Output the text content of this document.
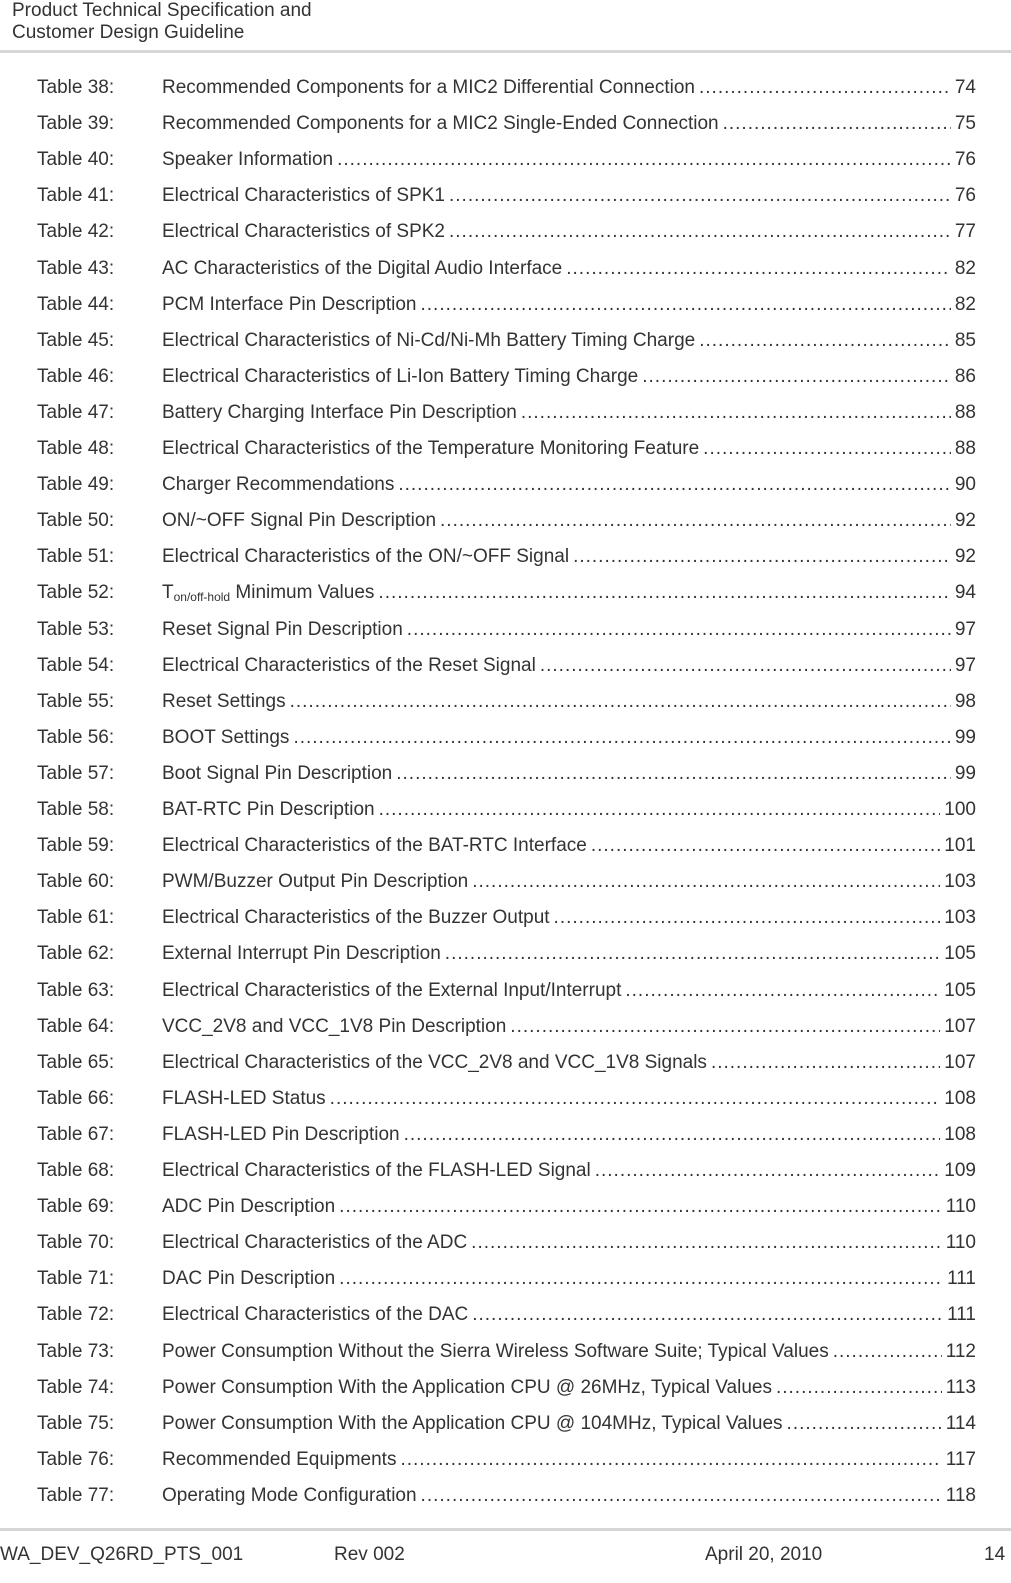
Product Technical Specification and
Customer Design Guideline
Table 38:	Recommended Components for a MIC2 Differential Connection .....	74
Table 39:	Recommended Components for a MIC2 Single-Ended Connection .....	75
Table 40:	Speaker Information .....	76
Table 41:	Electrical Characteristics of SPK1 .....	76
Table 42:	Electrical Characteristics of SPK2 .....	77
Table 43:	AC Characteristics of the Digital Audio Interface .....	82
Table 44:	PCM Interface Pin Description .....	82
Table 45:	Electrical Characteristics of Ni-Cd/Ni-Mh Battery Timing Charge .....	85
Table 46:	Electrical Characteristics of Li-Ion Battery Timing Charge .....	86
Table 47:	Battery Charging Interface Pin Description .....	88
Table 48:	Electrical Characteristics of the Temperature Monitoring Feature .....	88
Table 49:	Charger Recommendations .....	90
Table 50:	ON/~OFF Signal Pin Description .....	92
Table 51:	Electrical Characteristics of the ON/~OFF Signal .....	92
Table 52:	$T_{on/off-hold}$ Minimum Values .....	94
Table 53:	Reset Signal Pin Description .....	97
Table 54:	Electrical Characteristics of the Reset Signal .....	97
Table 55:	Reset Settings .....	98
Table 56:	BOOT Settings .....	99
Table 57:	Boot Signal Pin Description .....	99
Table 58:	BAT-RTC Pin Description .....	100
Table 59:	Electrical Characteristics of the BAT-RTC Interface .....	101
Table 60:	PWM/Buzzer Output Pin Description .....	103
Table 61:	Electrical Characteristics of the Buzzer Output .....	103
Table 62:	External Interrupt Pin Description .....	105
Table 63:	Electrical Characteristics of the External Input/Interrupt .....	105
Table 64:	VCC_2V8 and VCC_1V8 Pin Description .....	107
Table 65:	Electrical Characteristics of the VCC_2V8 and VCC_1V8 Signals .....	107
Table 66:	FLASH-LED Status .....	108
Table 67:	FLASH-LED Pin Description .....	108
Table 68:	Electrical Characteristics of the FLASH-LED Signal .....	109
Table 69:	ADC Pin Description .....	110
Table 70:	Electrical Characteristics of the ADC .....	110
Table 71:	DAC Pin Description .....	111
Table 72:	Electrical Characteristics of the DAC .....	111
Table 73:	Power Consumption Without the Sierra Wireless Software Suite; Typical Values .....	112
Table 74:	Power Consumption With the Application CPU @ 26MHz, Typical Values .....	113
Table 75:	Power Consumption With the Application CPU @ 104MHz, Typical Values .....	114
Table 76:	Recommended Equipments .....	117
Table 77:	Operating Mode Configuration .....	118
WA_DEV_Q26RD_PTS_001	Rev 002	April 20, 2010	14
